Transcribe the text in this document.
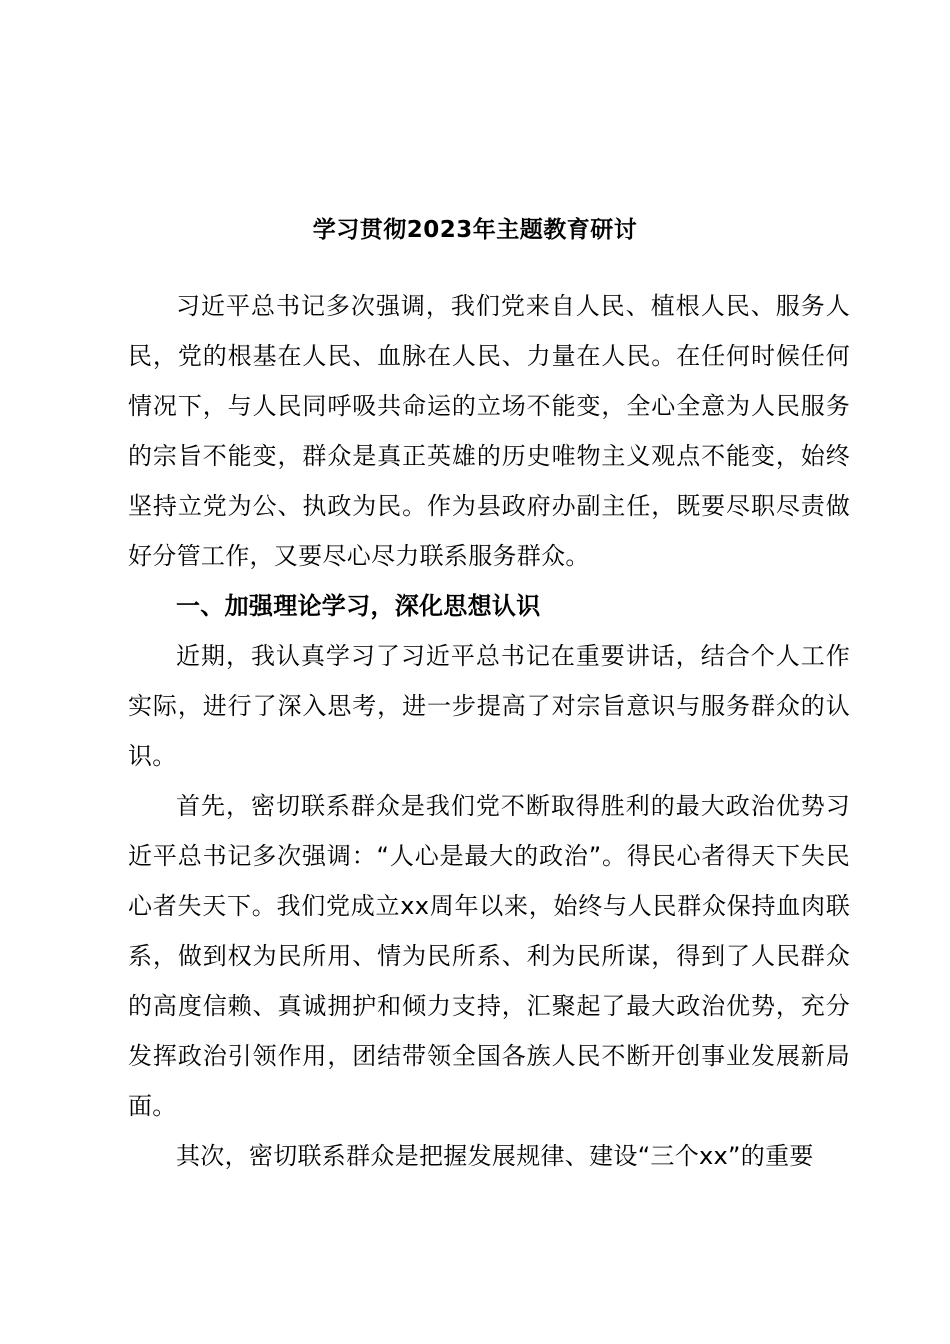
学习贯彻2023年主题教育研讨

习近平总书记多次强调，我们党来自人民、植根人民、服务人民，党的根基在人民、血脉在人民、力量在人民。在任何时候任何情况下，与人民同呼吸共命运的立场不能变，全心全意为人民服务的宗旨不能变，群众是真正英雄的历史唯物主义观点不能变，始终坚持立党为公、执政为民。作为县政府办副主任，既要尽职尽责做好分管工作，又要尽心尽力联系服务群众。

一、加强理论学习，深化思想认识

近期，我认真学习了习近平总书记在重要讲话，结合个人工作实际，进行了深入思考，进一步提高了对宗旨意识与服务群众的认识。

首先，密切联系群众是我们党不断取得胜利的最大政治优势习近平总书记多次强调：“人心是最大的政治”。得民心者得天下失民心者失天下。我们党成立xx周年以来，始终与人民群众保持血肉联系，做到权为民所用、情为民所系、利为民所谋，得到了人民群众的高度信赖、真诚拥护和倾力支持，汇聚起了最大政治优势，充分发挥政治引领作用，团结带领全国各族人民不断开创事业发展新局面。

其次，密切联系群众是把握发展规律、建设“三个xx”的重要
